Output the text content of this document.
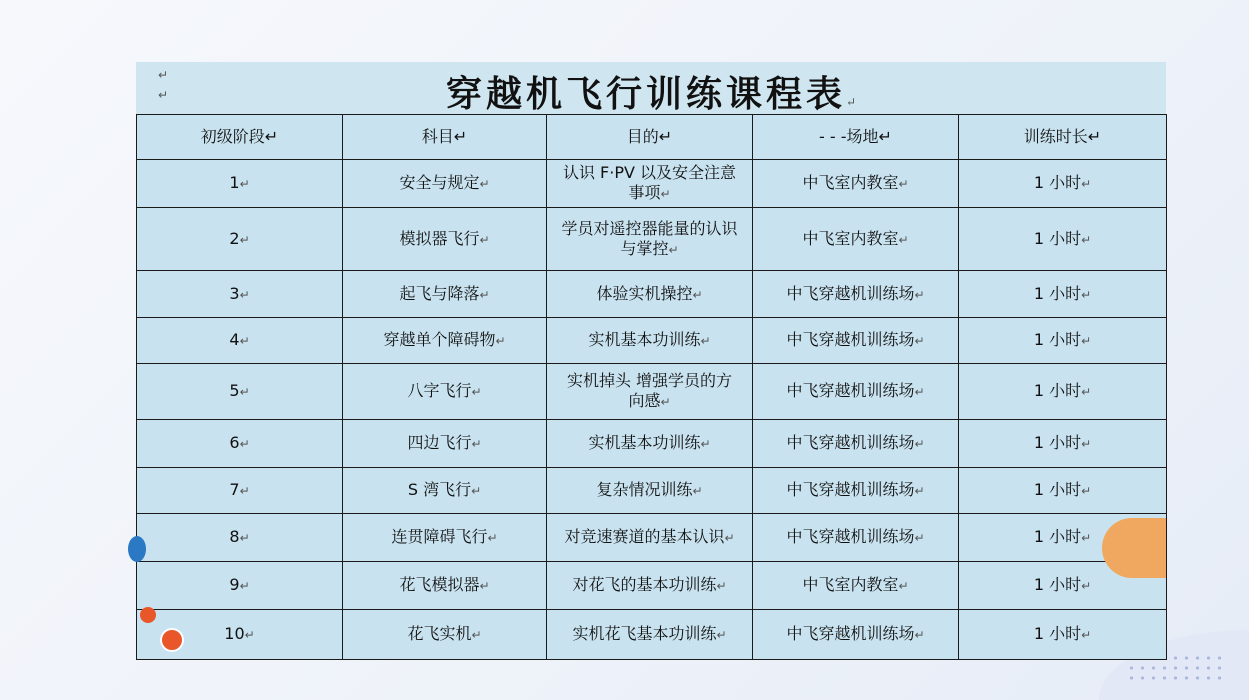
↵
↵	穿越机飞行训练课程表↵
初级阶段↵	科目↵	目的↵	- - -场地↵	训练时长↵
1↵	安全与规定↵	认识 F·PV 以及安全注意事项↵	中飞室内教室↵	1 小时↵
2↵	模拟器飞行↵	学员对遥控器能量的认识与掌控↵	中飞室内教室↵	1 小时↵
3↵	起飞与降落↵	体验实机操控↵	中飞穿越机训练场↵	1 小时↵
4↵	穿越单个障碍物↵	实机基本功训练↵	中飞穿越机训练场↵	1 小时↵
5↵	八字飞行↵	实机掉头 增强学员的方向感↵	中飞穿越机训练场↵	1 小时↵
6↵	四边飞行↵	实机基本功训练↵	中飞穿越机训练场↵	1 小时↵
7↵	S 湾飞行↵	复杂情况训练↵	中飞穿越机训练场↵	1 小时↵
8↵	连贯障碍飞行↵	对竞速赛道的基本认识↵	中飞穿越机训练场↵	1 小时↵
9↵	花飞模拟器↵	对花飞的基本功训练↵	中飞室内教室↵	1 小时↵
10↵	花飞实机↵	实机花飞基本功训练↵	中飞穿越机训练场↵	1 小时↵
